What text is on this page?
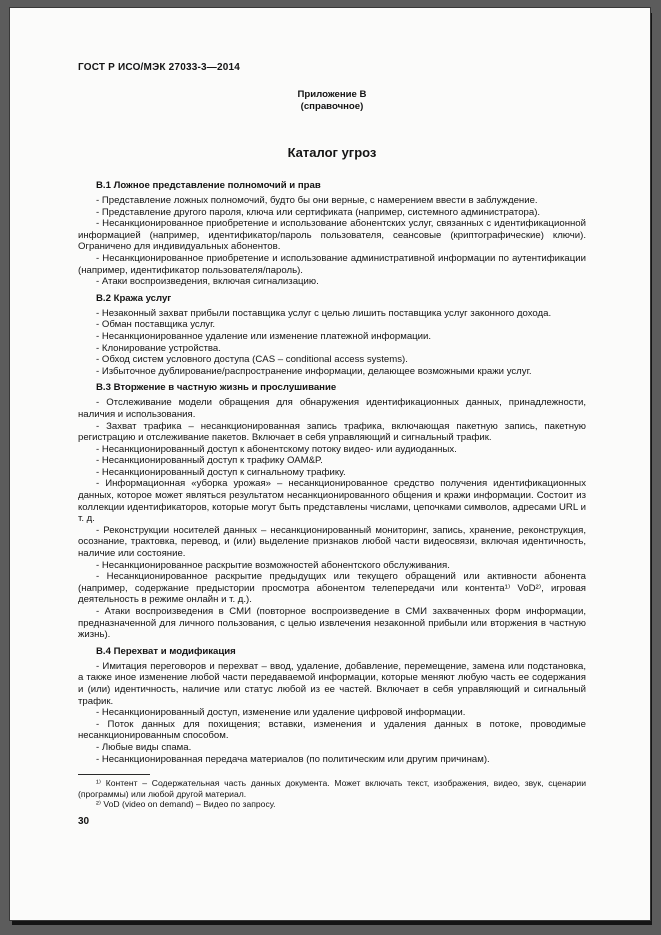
ГОСТ Р ИСО/МЭК 27033-3—2014
Приложение В
(справочное)
Каталог угроз
В.1 Ложное представление полномочий и прав
- Представление ложных полномочий, будто бы они верные, с намерением ввести в заблуждение.
- Представление другого пароля, ключа или сертификата (например, системного администратора).
- Несанкционированное приобретение и использование абонентских услуг, связанных с идентификационной информацией (например, идентификатор/пароль пользователя, сеансовые (криптографические) ключи). Ограничено для индивидуальных абонентов.
- Несанкционированное приобретение и использование административной информации по аутентификации (например, идентификатор пользователя/пароль).
- Атаки воспроизведения, включая сигнализацию.
В.2 Кража услуг
- Незаконный захват прибыли поставщика услуг с целью лишить поставщика услуг законного дохода.
- Обман поставщика услуг.
- Несанкционированное удаление или изменение платежной информации.
- Клонирование устройства.
- Обход систем условного доступа (CAS – conditional access systems).
- Избыточное дублирование/распространение информации, делающее возможными кражи услуг.
В.3 Вторжение в частную жизнь и прослушивание
- Отслеживание модели обращения для обнаружения идентификационных данных, принадлежности, наличия и использования.
- Захват трафика – несанкционированная запись трафика, включающая пакетную запись, пакетную регистрацию и отслеживание пакетов. Включает в себя управляющий и сигнальный трафик.
- Несанкционированный доступ к абонентскому потоку видео- или аудиоданных.
- Несанкционированный доступ к трафику ОАМ&P.
- Несанкционированный доступ к сигнальному трафику.
- Информационная «уборка урожая» – несанкционированное средство получения идентификационных данных, которое может являться результатом несанкционированного общения и кражи информации. Состоит из коллекции идентификаторов, которые могут быть представлены числами, цепочками символов, адресами URL и т. д.
- Реконструкции носителей данных – несанкционированный мониторинг, запись, хранение, реконструкция, осознание, трактовка, перевод, и (или) выделение признаков любой части видеосвязи, включая идентичность, наличие или состояние.
- Несанкционированное раскрытие возможностей абонентского обслуживания.
- Несанкционированное раскрытие предыдущих или текущего обращений или активности абонента (например, содержание предыстории просмотра абонентом телепередачи или контента¹⁾ VoD²⁾, игровая деятельность в режиме онлайн и т. д.).
- Атаки воспроизведения в СМИ (повторное воспроизведение в СМИ захваченных форм информации, предназначенной для личного пользования, с целью извлечения незаконной прибыли или вторжения в частную жизнь).
В.4 Перехват и модификация
- Имитация переговоров и перехват – ввод, удаление, добавление, перемещение, замена или подстановка, а также иное изменение любой части передаваемой информации, которые меняют любую часть ее содержания и (или) идентичность, наличие или статус любой из ее частей. Включает в себя управляющий и сигнальный трафик.
- Несанкционированный доступ, изменение или удаление цифровой информации.
- Поток данных для похищения; вставки, изменения и удаления данных в потоке, проводимые несанкционированным способом.
- Любые виды спама.
- Несанкционированная передача материалов (по политическим или другим причинам).
¹⁾ Контент – Содержательная часть данных документа. Может включать текст, изображения, видео, звук, сценарии (программы) или любой другой материал.
²⁾ VoD (video on demand) – Видео по запросу.
30
